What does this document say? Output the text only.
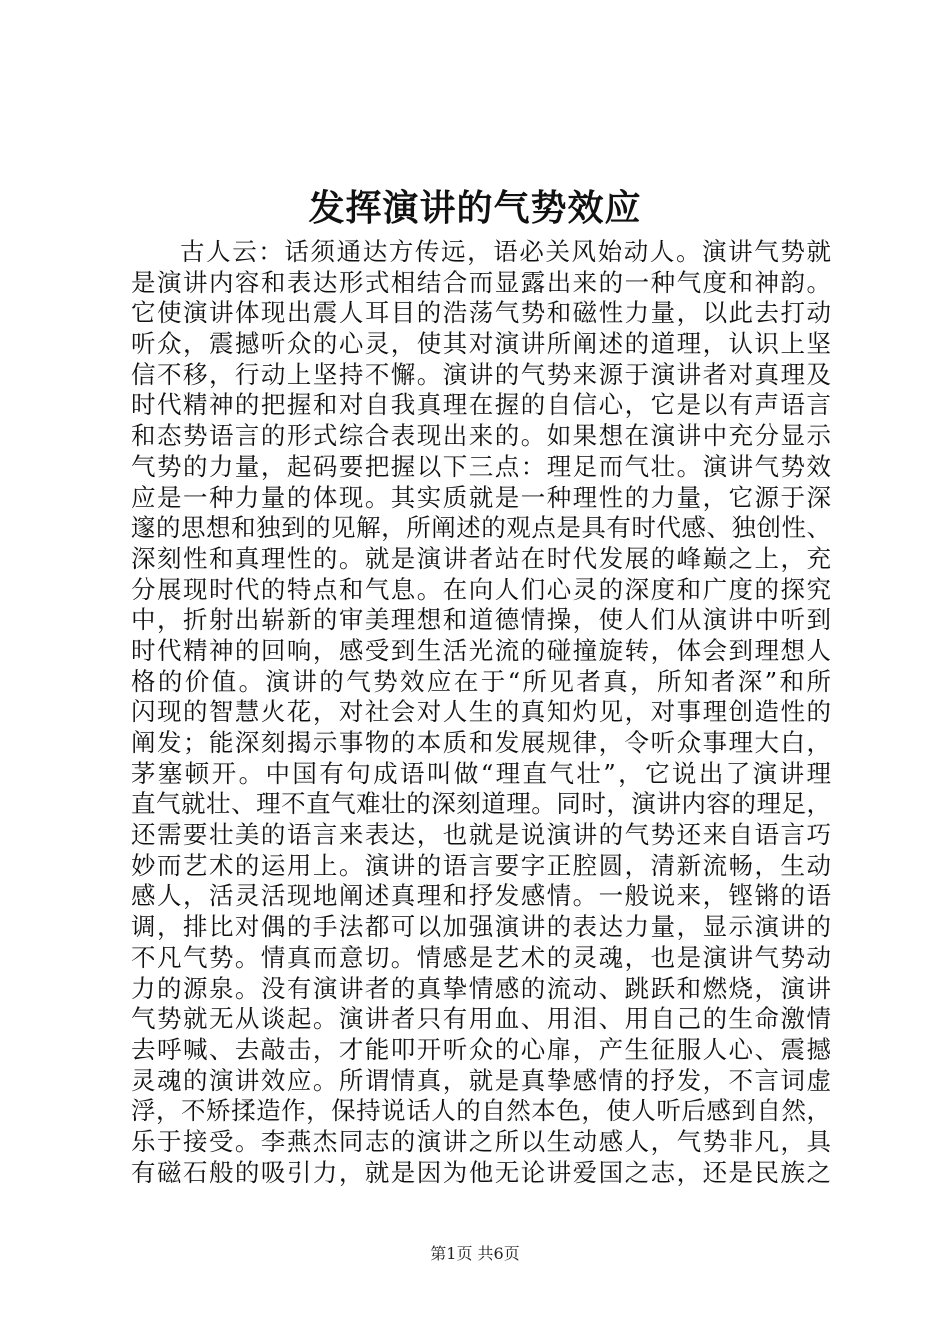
发挥演讲的气势效应
古人云：话须通达方传远，语必关风始动人。演讲气势就
是演讲内容和表达形式相结合而显露出来的一种气度和神韵。
它使演讲体现出震人耳目的浩荡气势和磁性力量，以此去打动
听众，震撼听众的心灵，使其对演讲所阐述的道理，认识上坚
信不移，行动上坚持不懈。演讲的气势来源于演讲者对真理及
时代精神的把握和对自我真理在握的自信心，它是以有声语言
和态势语言的形式综合表现出来的。如果想在演讲中充分显示
气势的力量，起码要把握以下三点：理足而气壮。演讲气势效
应是一种力量的体现。其实质就是一种理性的力量，它源于深
邃的思想和独到的见解，所阐述的观点是具有时代感、独创性、
深刻性和真理性的。就是演讲者站在时代发展的峰巅之上，充
分展现时代的特点和气息。在向人们心灵的深度和广度的探究
中，折射出崭新的审美理想和道德情操，使人们从演讲中听到
时代精神的回响，感受到生活光流的碰撞旋转，体会到理想人
格的价值。演讲的气势效应在于“所见者真，所知者深”和所
闪现的智慧火花，对社会对人生的真知灼见，对事理创造性的
阐发；能深刻揭示事物的本质和发展规律，令听众事理大白，
茅塞顿开。中国有句成语叫做“理直气壮”，它说出了演讲理
直气就壮、理不直气难壮的深刻道理。同时，演讲内容的理足，
还需要壮美的语言来表达，也就是说演讲的气势还来自语言巧
妙而艺术的运用上。演讲的语言要字正腔圆，清新流畅，生动
感人，活灵活现地阐述真理和抒发感情。一般说来，铿锵的语
调，排比对偶的手法都可以加强演讲的表达力量，显示演讲的
不凡气势。情真而意切。情感是艺术的灵魂，也是演讲气势动
力的源泉。没有演讲者的真挚情感的流动、跳跃和燃烧，演讲
气势就无从谈起。演讲者只有用血、用泪、用自己的生命激情
去呼喊、去敲击，才能叩开听众的心扉，产生征服人心、震撼
灵魂的演讲效应。所谓情真，就是真挚感情的抒发，不言词虚
浮，不矫揉造作，保持说话人的自然本色，使人听后感到自然，
乐于接受。李燕杰同志的演讲之所以生动感人，气势非凡，具
有磁石般的吸引力，就是因为他无论讲爱国之志，还是民族之
第1页 共6页
